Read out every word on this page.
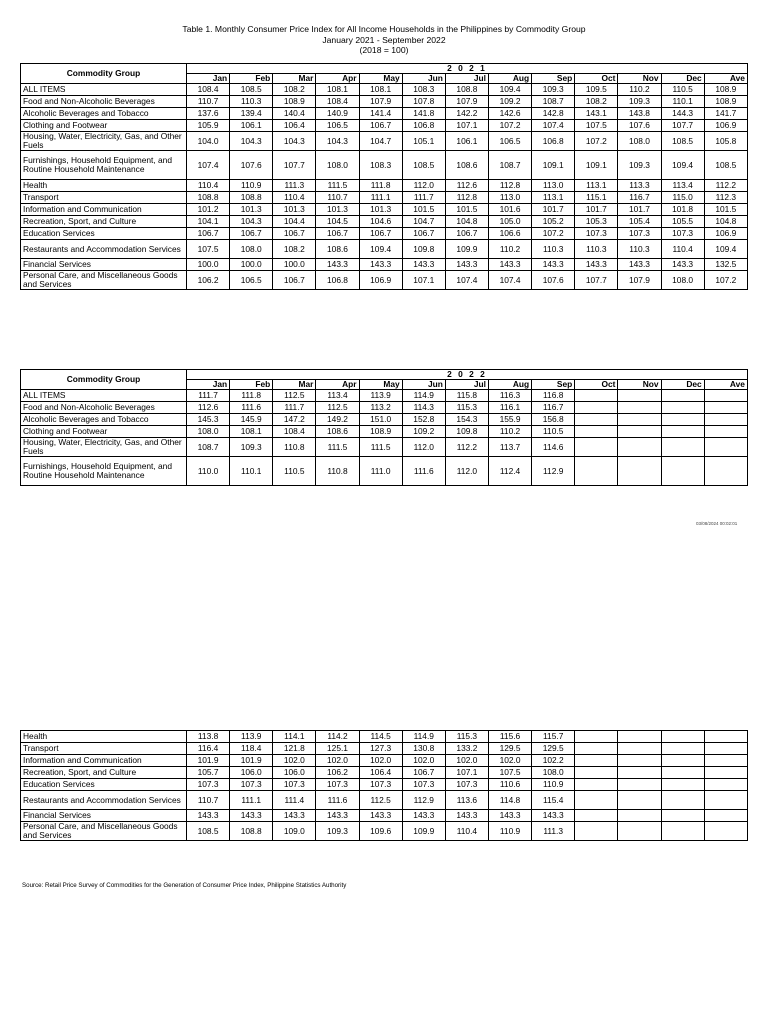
Table 1. Monthly Consumer Price Index for All Income Households in the Philippines by Commodity Group
January 2021 - September 2022
(2018 = 100)
Commodity Group	2 0 2 1												
	Jan	Feb	Mar	Apr	May	Jun	Jul	Aug	Sep	Oct	Nov	Dec	Ave
ALL ITEMS	108.4	108.5	108.2	108.1	108.1	108.3	108.8	109.4	109.3	109.5	110.2	110.5	108.9
Food and Non-Alcoholic Beverages	110.7	110.3	108.9	108.4	107.9	107.8	107.9	109.2	108.7	108.2	109.3	110.1	108.9
Alcoholic Beverages and Tobacco	137.6	139.4	140.4	140.9	141.4	141.8	142.2	142.6	142.8	143.1	143.8	144.3	141.7
Clothing and Footwear	105.9	106.1	106.4	106.5	106.7	106.8	107.1	107.2	107.4	107.5	107.6	107.7	106.9
Housing, Water, Electricity, Gas, and Other Fuels	104.0	104.3	104.3	104.3	104.7	105.1	106.1	106.5	106.8	107.2	108.0	108.5	105.8
Furnishings, Household Equipment, and Routine Household Maintenance	107.4	107.6	107.7	108.0	108.3	108.5	108.6	108.7	109.1	109.1	109.3	109.4	108.5
Health	110.4	110.9	111.3	111.5	111.8	112.0	112.6	112.8	113.0	113.1	113.3	113.4	112.2
Transport	108.8	108.8	110.4	110.7	111.1	111.7	112.8	113.0	113.1	115.1	116.7	115.0	112.3
Information and Communication	101.2	101.3	101.3	101.3	101.3	101.5	101.5	101.6	101.7	101.7	101.7	101.8	101.5
Recreation, Sport, and Culture	104.1	104.3	104.4	104.5	104.6	104.7	104.8	105.0	105.2	105.3	105.4	105.5	104.8
Education Services	106.7	106.7	106.7	106.7	106.7	106.7	106.7	106.6	107.2	107.3	107.3	107.3	106.9
Restaurants and Accommodation Services	107.5	108.0	108.2	108.6	109.4	109.8	109.9	110.2	110.3	110.3	110.3	110.4	109.4
Financial Services	100.0	100.0	100.0	143.3	143.3	143.3	143.3	143.3	143.3	143.3	143.3	143.3	132.5
Personal Care, and Miscellaneous Goods and Services	106.2	106.5	106.7	106.8	106.9	107.1	107.4	107.4	107.6	107.7	107.9	108.0	107.2
Commodity Group	2 0 2 2												
	Jan	Feb	Mar	Apr	May	Jun	Jul	Aug	Sep	Oct	Nov	Dec	Ave
ALL ITEMS	111.7	111.8	112.5	113.4	113.9	114.9	115.8	116.3	116.8				
Food and Non-Alcoholic Beverages	112.6	111.6	111.7	112.5	113.2	114.3	115.3	116.1	116.7				
Alcoholic Beverages and Tobacco	145.3	145.9	147.2	149.2	151.0	152.8	154.3	155.9	156.8				
Clothing and Footwear	108.0	108.1	108.4	108.6	108.9	109.2	109.8	110.2	110.5				
Housing, Water, Electricity, Gas, and Other Fuels	108.7	109.3	110.8	111.5	111.5	112.0	112.2	113.7	114.6				
Furnishings, Household Equipment, and Routine Household Maintenance	110.0	110.1	110.5	110.8	111.0	111.6	112.0	112.4	112.9				
03/08/2024 00:02:01
Health	113.8	113.9	114.1	114.2	114.5	114.9	115.3	115.6	115.7				
Transport	116.4	118.4	121.8	125.1	127.3	130.8	133.2	129.5	129.5				
Information and Communication	101.9	101.9	102.0	102.0	102.0	102.0	102.0	102.0	102.2				
Recreation, Sport, and Culture	105.7	106.0	106.0	106.2	106.4	106.7	107.1	107.5	108.0				
Education Services	107.3	107.3	107.3	107.3	107.3	107.3	107.3	110.6	110.9				
Restaurants and Accommodation Services	110.7	111.1	111.4	111.6	112.5	112.9	113.6	114.8	115.4				
Financial Services	143.3	143.3	143.3	143.3	143.3	143.3	143.3	143.3	143.3				
Personal Care, and Miscellaneous Goods and Services	108.5	108.8	109.0	109.3	109.6	109.9	110.4	110.9	111.3				
Source: Retail Price Survey of Commodities for the Generation of Consumer Price Index, Philippine Statistics Authority
